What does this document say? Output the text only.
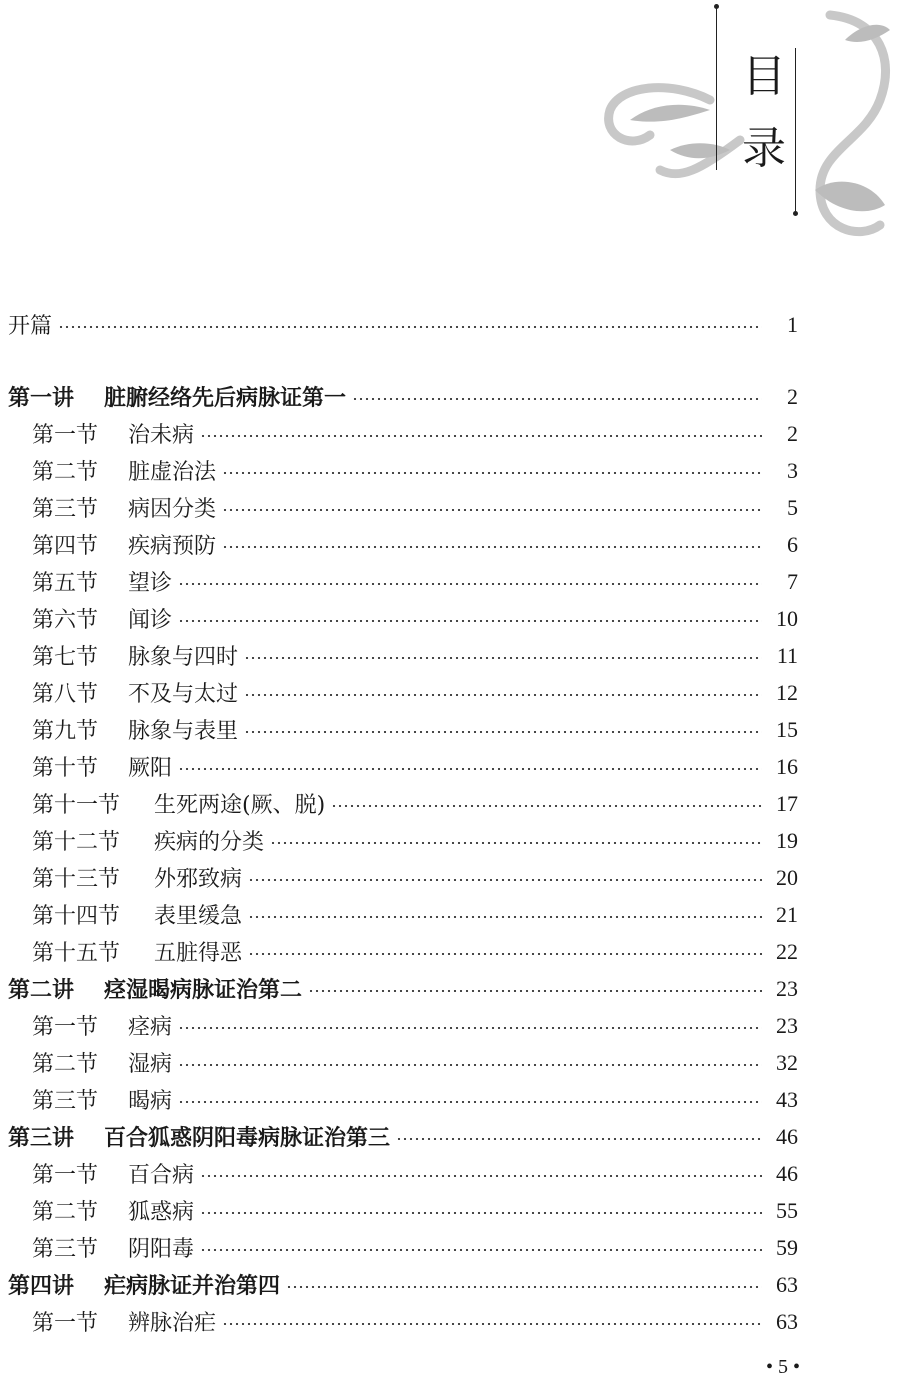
目
录
开篇	1
第一讲	脏腑经络先后病脉证第一	2
第一节	治未病	2
第二节	脏虚治法	3
第三节	病因分类	5
第四节	疾病预防	6
第五节	望诊	7
第六节	闻诊	10
第七节	脉象与四时	11
第八节	不及与太过	12
第九节	脉象与表里	15
第十节	厥阳	16
第十一节	生死两途(厥、脱)	17
第十二节	疾病的分类	19
第十三节	外邪致病	20
第十四节	表里缓急	21
第十五节	五脏得恶	22
第二讲	痉湿暍病脉证治第二	23
第一节	痉病	23
第二节	湿病	32
第三节	暍病	43
第三讲	百合狐惑阴阳毒病脉证治第三	46
第一节	百合病	46
第二节	狐惑病	55
第三节	阴阳毒	59
第四讲	疟病脉证并治第四	63
第一节	辨脉治疟	63
• 5 •
